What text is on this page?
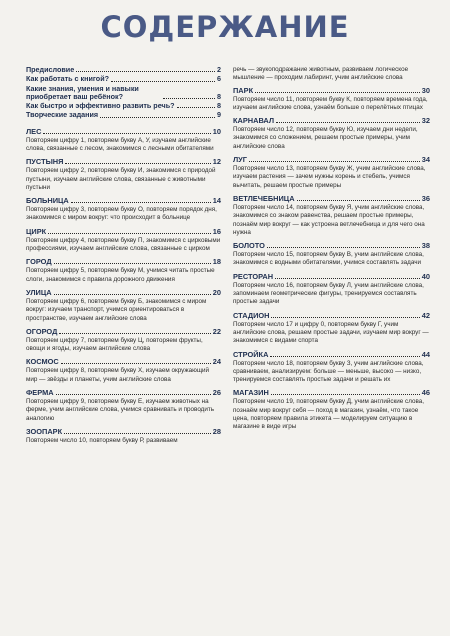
СОДЕРЖАНИЕ
Предисловие	2
Как работать с книгой?	6
Какие знания, умения и навыки приобретает ваш ребёнок?	8
Как быстро и эффективно развить речь?	8
Творческие задания	9
ЛЕС	10
Повторяем цифру 1, повторяем букву А, У, изучаем английские слова, связанные с лесом, знакомимся с лесными обитателями
ПУСТЫНЯ	12
Повторяем цифру 2, повторяем букву И, знакомимся с природой пустыни, изучаем английские слова, связанные с животными пустыни
БОЛЬНИЦА	14
Повторяем цифру 3, повторяем букву О, повторяем порядок дня, знакомимся с миром вокруг: что происходит в больнице
ЦИРК	16
Повторяем цифру 4, повторяем букву П, знакомимся с цирковыми профессиями, изучаем английские слова, связанные с цирком
ГОРОД	18
Повторяем цифру 5, повторяем букву М, учимся читать простые слоги, знакомимся с правила дорожного движения
УЛИЦА	20
Повторяем цифру 6, повторяем букву Б, знакомимся с миром вокруг: изучаем транспорт, учимся ориентироваться в пространстве, изучаем английские слова
ОГОРОД	22
Повторяем цифру 7, повторяем букву Ц, повторяем фрукты, овощи и ягоды, изучаем английские слова
КОСМОС	24
Повторяем цифру 8, повторяем букву Х, изучаем окружающий мир — звёзды и планеты, учим английские слова
ФЕРМА	26
Повторяем цифру 9, повторяем букву Е, изучаем животных на ферме, учим английские слова, учимся сравнивать и проводить аналогию
ЗООПАРК	28
Повторяем число 10, повторяем букву Р, развиваем
речь — звукоподражание животным, развиваем логическое мышление — проходим лабиринт, учим английские слова
ПАРК	30
Повторяем число 11, повторяем букву К, повторяем времена года, изучаем английские слова, узнаём больше о перелётных птицах
КАРНАВАЛ	32
Повторяем число 12, повторяем букву Ю, изучаем дни недели, знакомимся со сложением, решаем простые примеры, учим английские слова
ЛУГ	34
Повторяем число 13, повторяем букву Ж, учим английские слова, изучаем растения — зачем нужны корень и стебель, учимся вычитать, решаем простые примеры
ВЕТЛЕЧЕБНИЦА	36
Повторяем число 14, повторяем букву Я, учим английские слова, знакомимся со знаком равенства, решаем простые примеры, познаём мир вокруг — как устроена ветлечебница и для чего она нужна
БОЛОТО	38
Повторяем число 15, повторяем букву В, учим английские слова, знакомимся с водными обитателями, учимся составлять задачи
РЕСТОРАН	40
Повторяем число 16, повторяем букву Л, учим английские слова, запоминаем геометрические фигуры, тренируемся составлять простые задачи
СТАДИОН	42
Повторяем число 17 и цифру 0, повторяем букву Г, учим английские слова, решаем простые задачи, изучаем мир вокруг — знакомимся с видами спорта
СТРОЙКА	44
Повторяем число 18, повторяем букву З, учим английские слова, сравниваем, анализируем: больше — меньше, высоко — низко, тренируемся составлять простые задачи и решать их
МАГАЗИН	46
Повторяем число 19, повторяем букву Д, учим английские слова, познаём мир вокруг себя — поход в магазин, узнаём, что такое цена, повторяем правила этикета — моделируем ситуацию в магазине в виде игры
